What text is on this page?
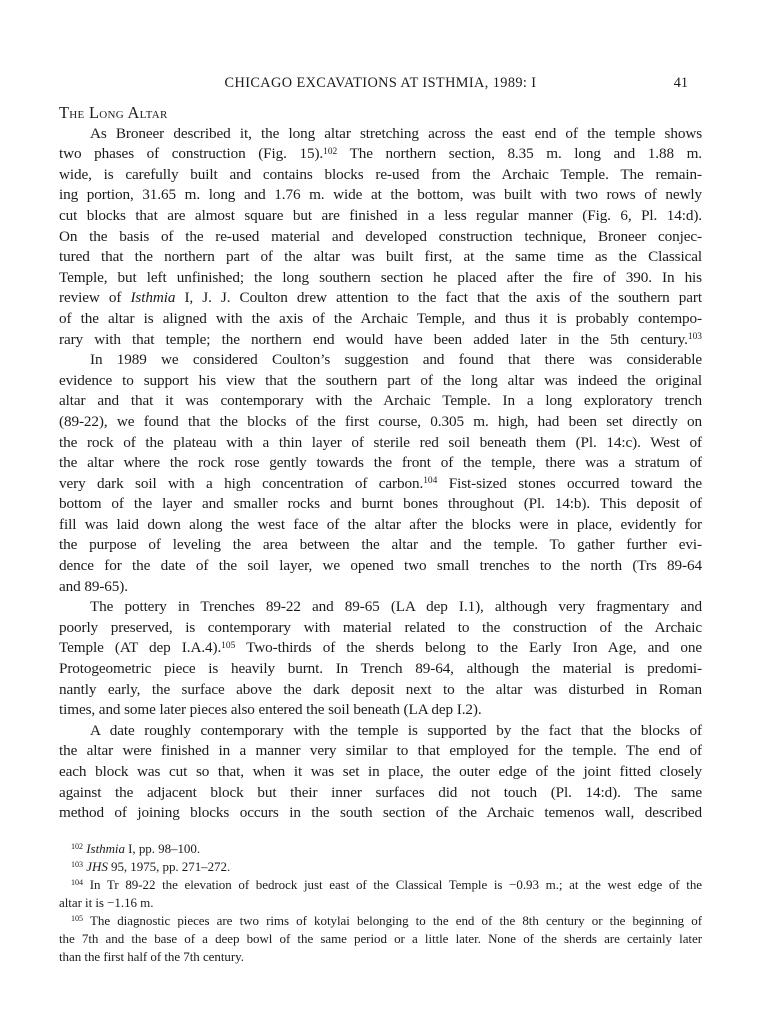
CHICAGO EXCAVATIONS AT ISTHMIA, 1989: I	41
The Long Altar
As Broneer described it, the long altar stretching across the east end of the temple shows
two phases of construction (Fig. 15).$^{102}$ The northern section, 8.35 m. long and 1.88 m.
wide, is carefully built and contains blocks re-used from the Archaic Temple. The remain-
ing portion, 31.65 m. long and 1.76 m. wide at the bottom, was built with two rows of newly
cut blocks that are almost square but are finished in a less regular manner (Fig. 6, Pl. 14:d).
On the basis of the re-used material and developed construction technique, Broneer conjec-
tured that the northern part of the altar was built first, at the same time as the Classical
Temple, but left unfinished; the long southern section he placed after the fire of 390. In his
review of Isthmia I, J. J. Coulton drew attention to the fact that the axis of the southern part
of the altar is aligned with the axis of the Archaic Temple, and thus it is probably contempo-
rary with that temple; the northern end would have been added later in the 5th century.$^{103}$
In 1989 we considered Coulton’s suggestion and found that there was considerable
evidence to support his view that the southern part of the long altar was indeed the original
altar and that it was contemporary with the Archaic Temple. In a long exploratory trench
(89-22), we found that the blocks of the first course, 0.305 m. high, had been set directly on
the rock of the plateau with a thin layer of sterile red soil beneath them (Pl. 14:c). West of
the altar where the rock rose gently towards the front of the temple, there was a stratum of
very dark soil with a high concentration of carbon.$^{104}$ Fist-sized stones occurred toward the
bottom of the layer and smaller rocks and burnt bones throughout (Pl. 14:b). This deposit of
fill was laid down along the west face of the altar after the blocks were in place, evidently for
the purpose of leveling the area between the altar and the temple. To gather further evi-
dence for the date of the soil layer, we opened two small trenches to the north (Trs 89-64
and 89-65).
The pottery in Trenches 89-22 and 89-65 (LA dep I.1), although very fragmentary and
poorly preserved, is contemporary with material related to the construction of the Archaic
Temple (AT dep I.A.4).$^{105}$ Two-thirds of the sherds belong to the Early Iron Age, and one
Protogeometric piece is heavily burnt. In Trench 89-64, although the material is predomi-
nantly early, the surface above the dark deposit next to the altar was disturbed in Roman
times, and some later pieces also entered the soil beneath (LA dep I.2).
A date roughly contemporary with the temple is supported by the fact that the blocks of
the altar were finished in a manner very similar to that employed for the temple. The end of
each block was cut so that, when it was set in place, the outer edge of the joint fitted closely
against the adjacent block but their inner surfaces did not touch (Pl. 14:d). The same
method of joining blocks occurs in the south section of the Archaic temenos wall, described
$^{102}$ Isthmia I, pp. 98–100.
$^{103}$ JHS 95, 1975, pp. 271–272.
$^{104}$ In Tr 89-22 the elevation of bedrock just east of the Classical Temple is −0.93 m.; at the west edge of the
altar it is −1.16 m.
$^{105}$ The diagnostic pieces are two rims of kotylai belonging to the end of the 8th century or the beginning of
the 7th and the base of a deep bowl of the same period or a little later. None of the sherds are certainly later
than the first half of the 7th century.
